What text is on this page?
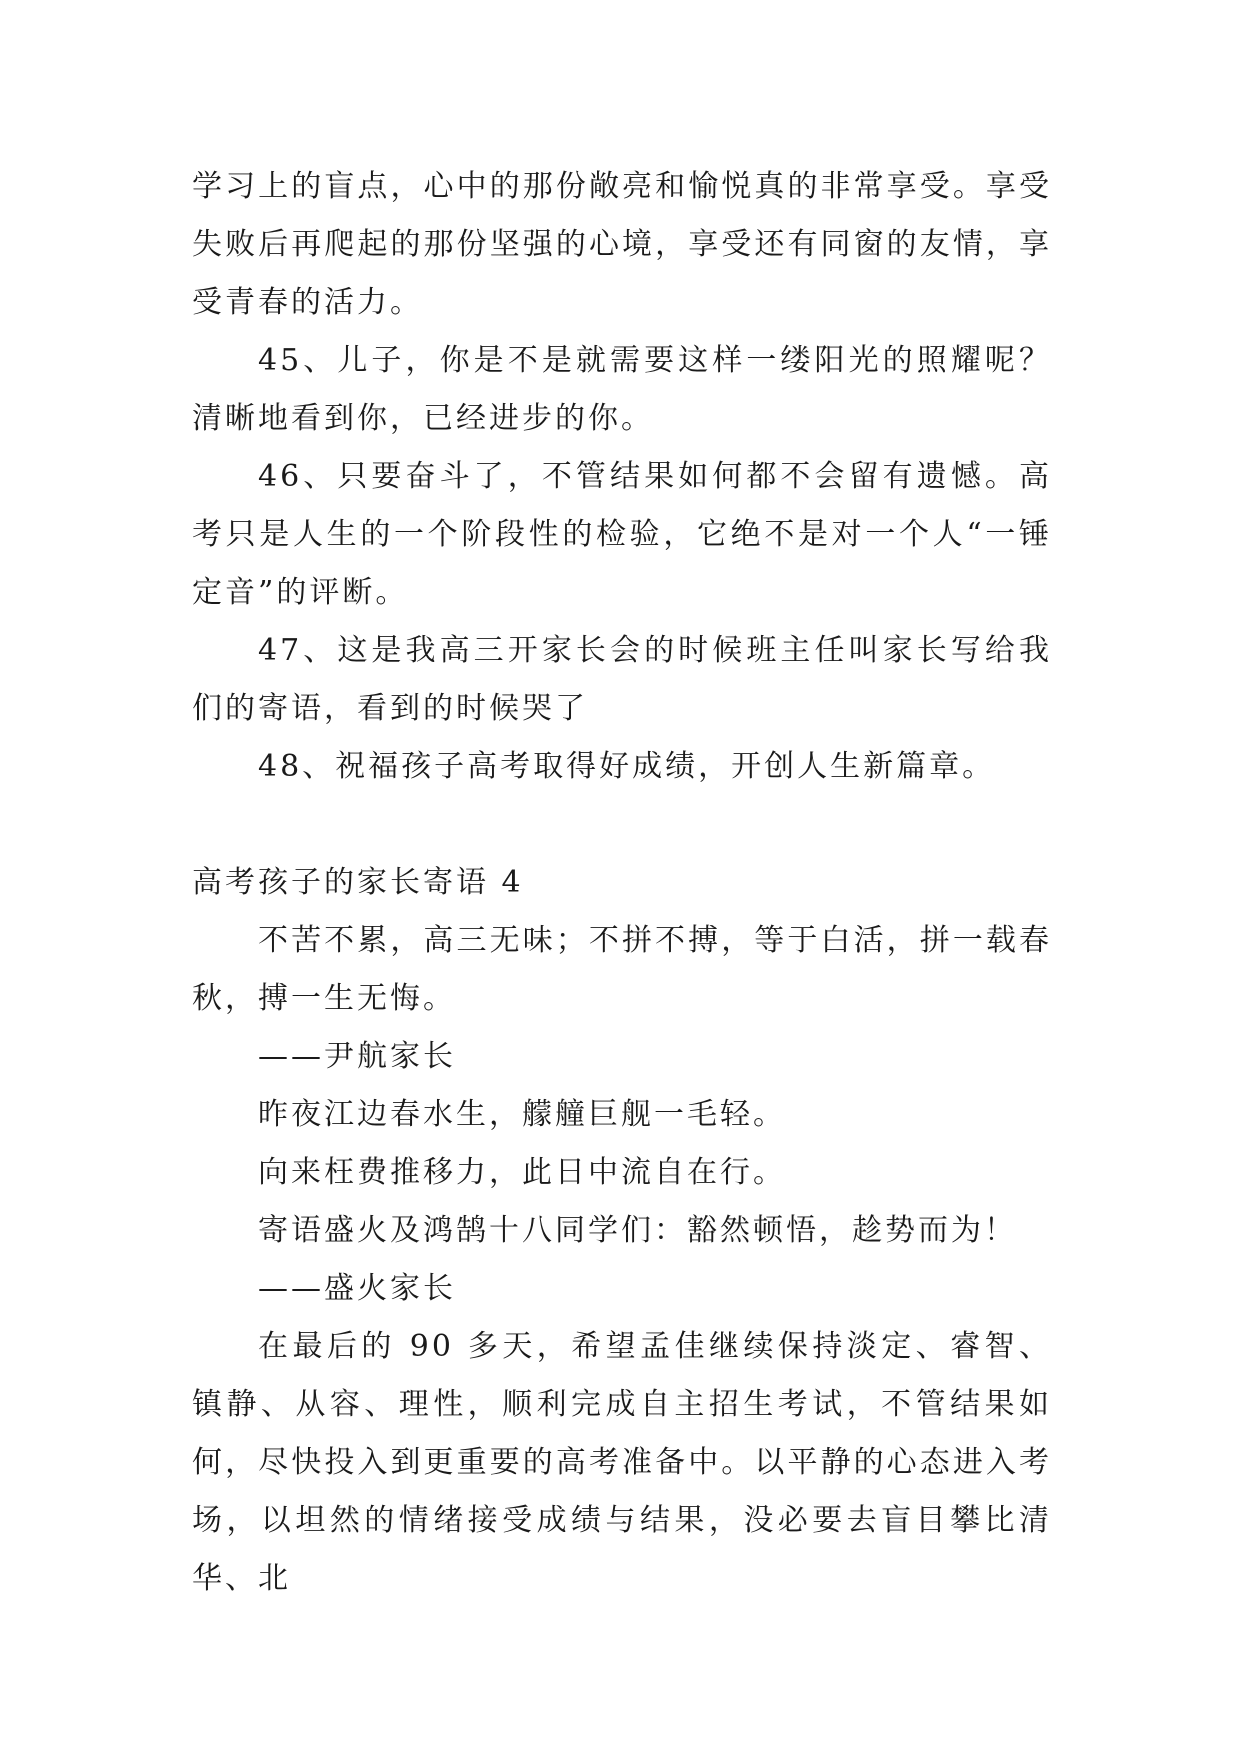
学习上的盲点，心中的那份敞亮和愉悦真的非常享受。享受失败后再爬起的那份坚强的心境，享受还有同窗的友情，享受青春的活力。

45、儿子，你是不是就需要这样一缕阳光的照耀呢？清晰地看到你，已经进步的你。

46、只要奋斗了，不管结果如何都不会留有遗憾。高考只是人生的一个阶段性的检验，它绝不是对一个人“一锤定音”的评断。

47、这是我高三开家长会的时候班主任叫家长写给我们的寄语，看到的时候哭了

48、祝福孩子高考取得好成绩，开创人生新篇章。

高考孩子的家长寄语 4

不苦不累，高三无味；不拼不搏，等于白活，拼一载春秋，搏一生无悔。

——尹航家长

昨夜江边春水生，艨艟巨舰一毛轻。

向来枉费推移力，此日中流自在行。

寄语盛火及鸿鹄十八同学们：豁然顿悟，趁势而为！

——盛火家长

在最后的 90 多天，希望孟佳继续保持淡定、睿智、镇静、从容、理性，顺利完成自主招生考试，不管结果如何，尽快投入到更重要的高考准备中。以平静的心态进入考场，以坦然的情绪接受成绩与结果，没必要去盲目攀比清华、北
